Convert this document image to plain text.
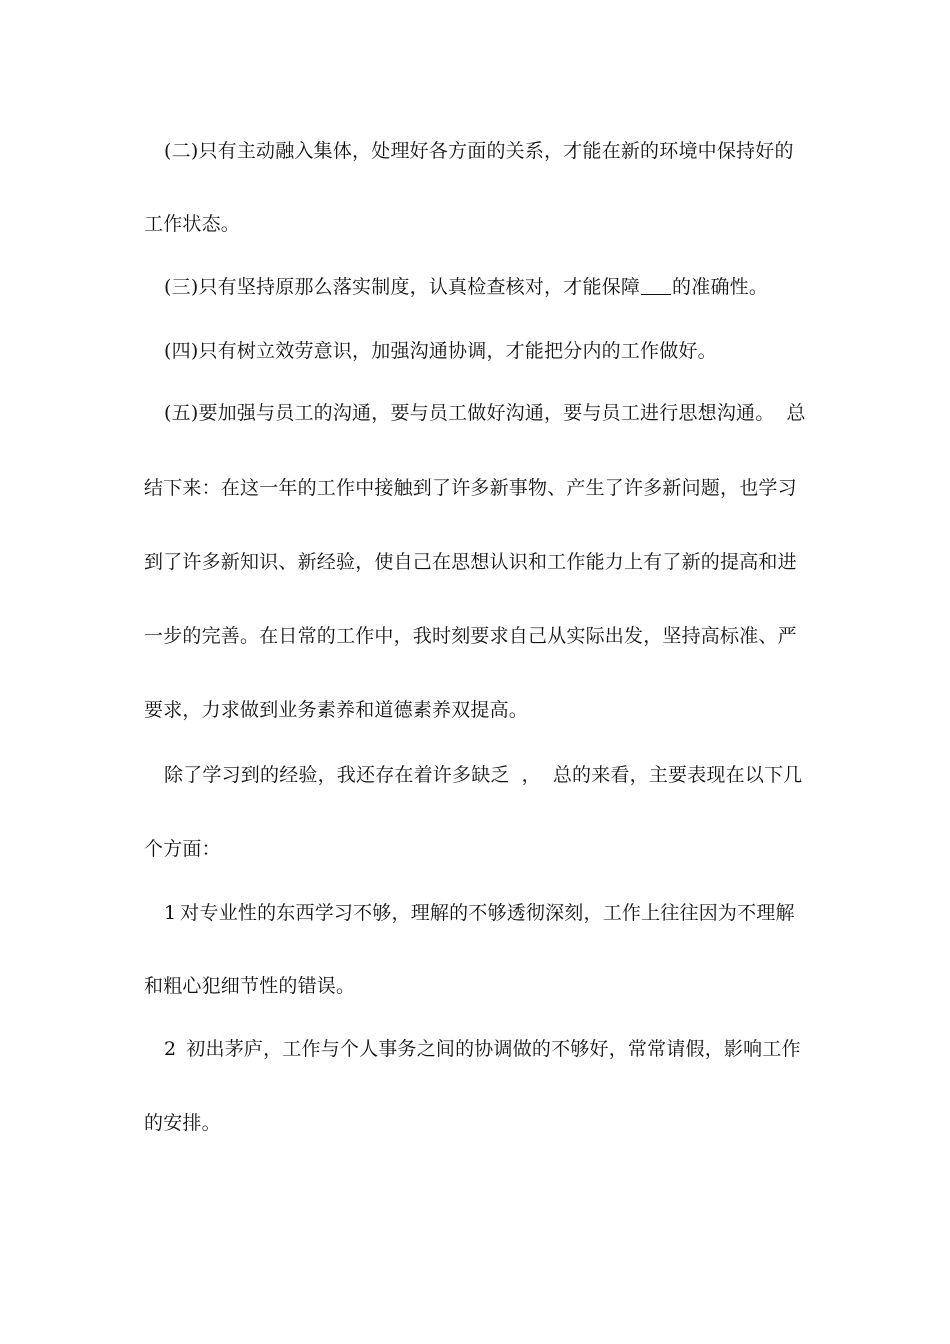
(二)只有主动融入集体，处理好各方面的关系，才能在新的环境中保持好的
工作状态。
(三)只有坚持原那么落实制度，认真检查核对，才能保障 的准确性。
(四)只有树立效劳意识，加强沟通协调，才能把分内的工作做好。
(五)要加强与员工的沟通，要与员工做好沟通，要与员工进行思想沟通。 总
结下来：在这一年的工作中接触到了许多新事物、产生了许多新问题，也学习
到了许多新知识、新经验，使自己在思想认识和工作能力上有了新的提高和进
一步的完善。在日常的工作中，我时刻要求自己从实际出发，坚持高标准、严
要求，力求做到业务素养和道德素养双提高。
除了学习到的经验，我还存在着许多缺乏 ， 总的来看，主要表现在以下几
个方面：
1 对专业性的东西学习不够，理解的不够透彻深刻，工作上往往因为不理解
和粗心犯细节性的错误。
2 初出茅庐，工作与个人事务之间的协调做的不够好，常常请假，影响工作
的安排。
